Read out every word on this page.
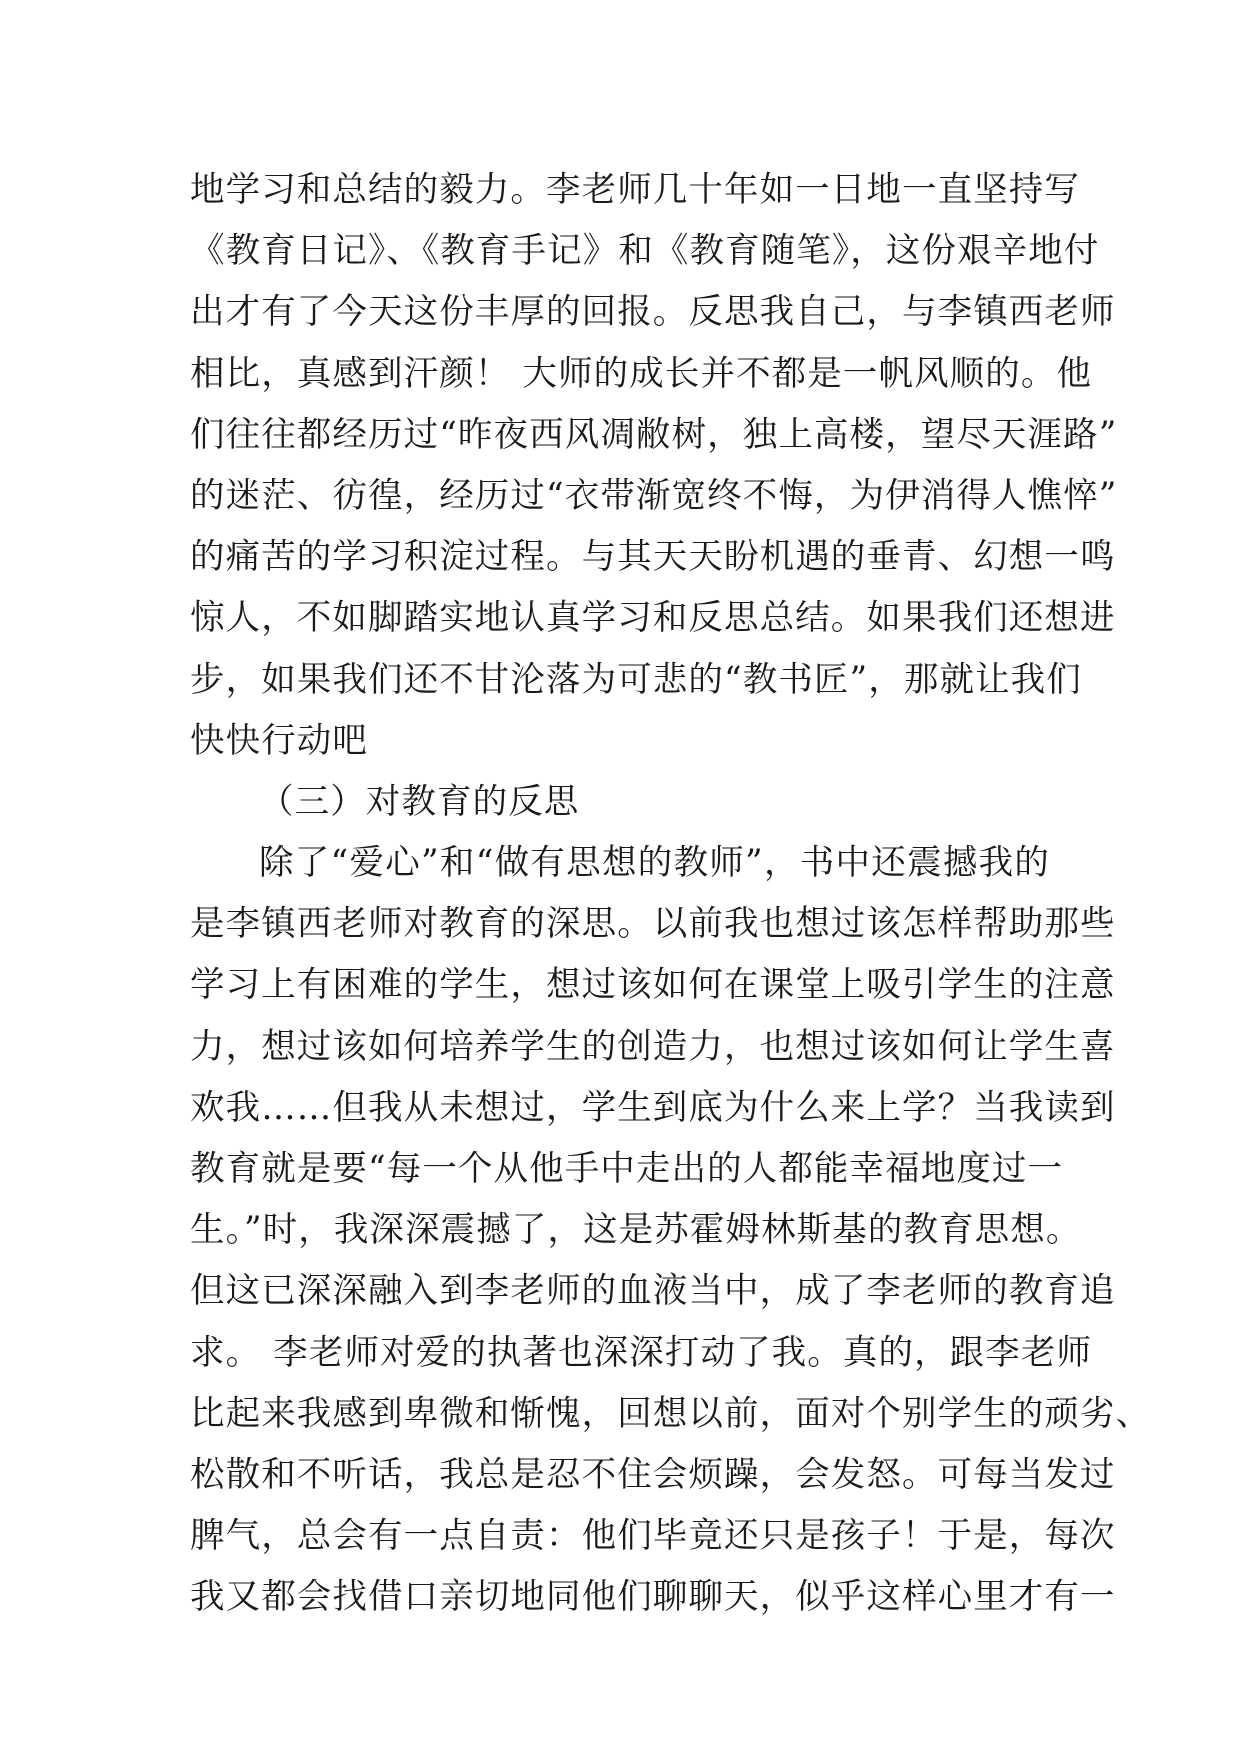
地学习和总结的毅力。李老师几十年如一日地一直坚持写
《教育日记》、《教育手记》和《教育随笔》，这份艰辛地付
出才有了今天这份丰厚的回报。反思我自己，与李镇西老师
相比，真感到汗颜！ 大师的成长并不都是一帆风顺的。他
们往往都经历过“昨夜西风凋敝树，独上高楼，望尽天涯路”
的迷茫、彷徨，经历过“衣带渐宽终不悔，为伊消得人憔悴”
的痛苦的学习积淀过程。与其天天盼机遇的垂青、幻想一鸣
惊人，不如脚踏实地认真学习和反思总结。如果我们还想进
步，如果我们还不甘沦落为可悲的“教书匠”，那就让我们
快快行动吧
（三）对教育的反思
除了“爱心”和“做有思想的教师”，书中还震撼我的
是李镇西老师对教育的深思。以前我也想过该怎样帮助那些
学习上有困难的学生，想过该如何在课堂上吸引学生的注意
力，想过该如何培养学生的创造力，也想过该如何让学生喜
欢我……但我从未想过，学生到底为什么来上学？当我读到
教育就是要“每一个从他手中走出的人都能幸福地度过一
生。”时，我深深震撼了，这是苏霍姆林斯基的教育思想。
但这已深深融入到李老师的血液当中，成了李老师的教育追
求。 李老师对爱的执著也深深打动了我。真的，跟李老师
比起来我感到卑微和惭愧，回想以前，面对个别学生的顽劣、
松散和不听话，我总是忍不住会烦躁，会发怒。可每当发过
脾气，总会有一点自责：他们毕竟还只是孩子！于是，每次
我又都会找借口亲切地同他们聊聊天，似乎这样心里才有一
